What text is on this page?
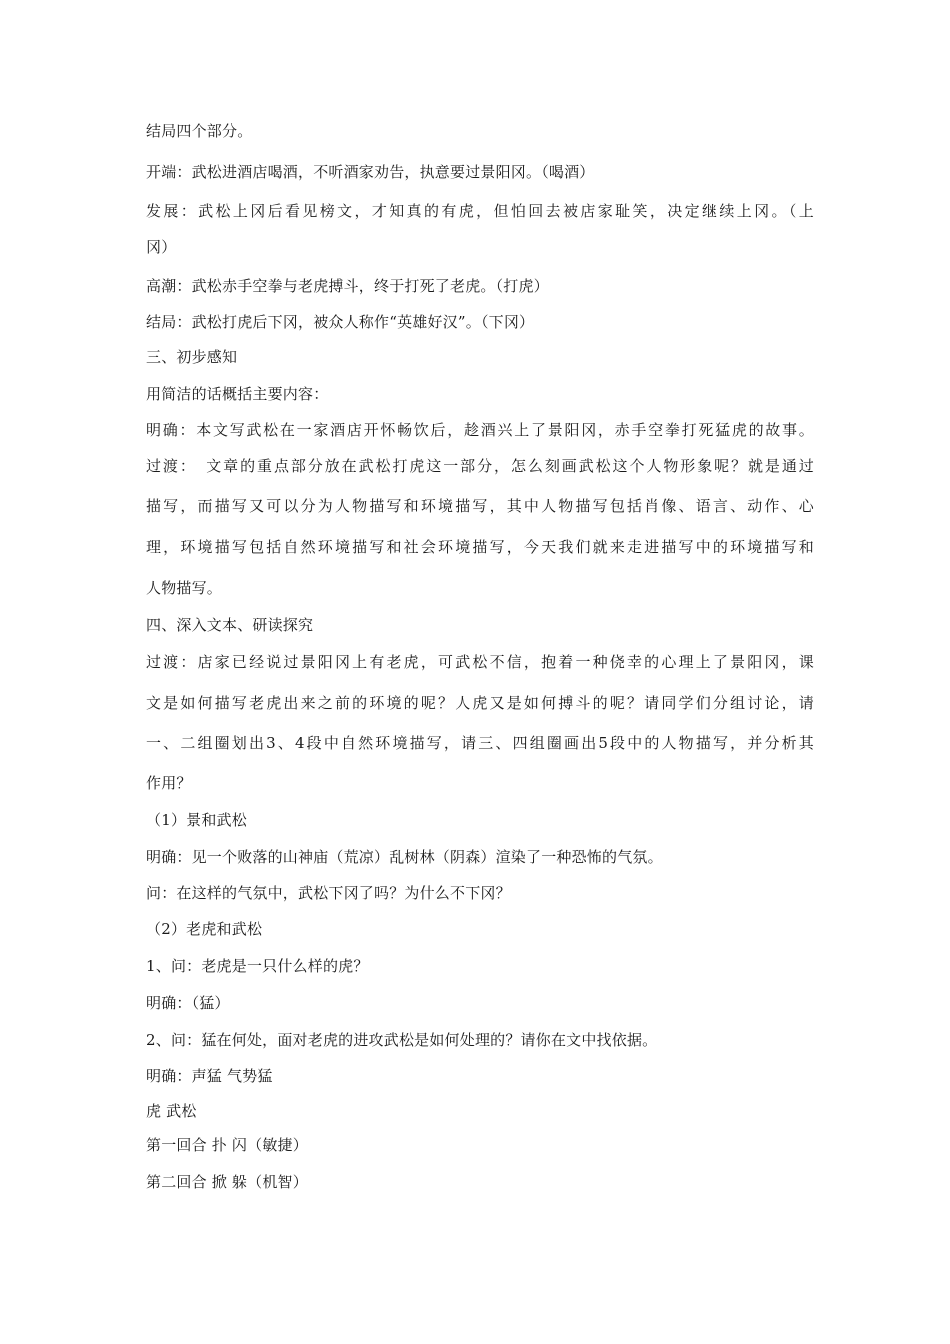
结局四个部分。
开端：武松进酒店喝酒，不听酒家劝告，执意要过景阳冈。（喝酒）
发展：武松上冈后看见榜文，才知真的有虎，但怕回去被店家耻笑，决定继续上冈。（上
冈）
高潮：武松赤手空拳与老虎搏斗，终于打死了老虎。（打虎）
结局：武松打虎后下冈，被众人称作“英雄好汉”。（下冈）
三、初步感知
用简洁的话概括主要内容：
明确：本文写武松在一家酒店开怀畅饮后，趁酒兴上了景阳冈，赤手空拳打死猛虎的故事。
过渡：　文章的重点部分放在武松打虎这一部分，怎么刻画武松这个人物形象呢？就是通过
描写，而描写又可以分为人物描写和环境描写，其中人物描写包括肖像、语言、动作、心
理，环境描写包括自然环境描写和社会环境描写，今天我们就来走进描写中的环境描写和
人物描写。
四、深入文本、研读探究
过渡：店家已经说过景阳冈上有老虎，可武松不信，抱着一种侥幸的心理上了景阳冈，课
文是如何描写老虎出来之前的环境的呢？人虎又是如何搏斗的呢？请同学们分组讨论，请
一、二组圈划出3、4段中自然环境描写，请三、四组圈画出5段中的人物描写，并分析其
作用？
（1）景和武松
明确：见一个败落的山神庙（荒凉）乱树林（阴森）渲染了一种恐怖的气氛。
问：在这样的气氛中，武松下冈了吗？为什么不下冈？
（2）老虎和武松
1、问：老虎是一只什么样的虎？
明确：（猛）
2、问：猛在何处，面对老虎的进攻武松是如何处理的？请你在文中找依据。
明确：声猛 气势猛
虎 武松
第一回合 扑 闪（敏捷）
第二回合 掀 躲（机智）
